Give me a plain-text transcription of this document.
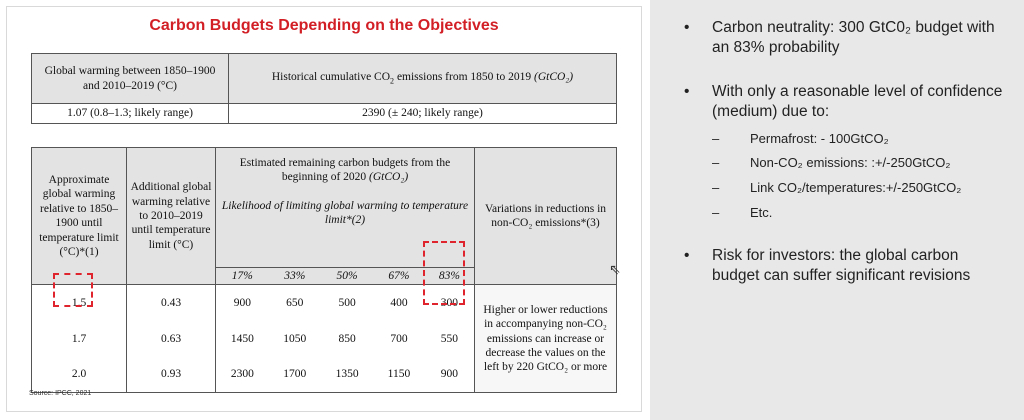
Carbon Budgets Depending on the Objectives
Global warming between 1850–1900 and 2010–2019 (°C)	Historical cumulative $CO_2$ emissions from 1850 to 2019 (GtCO₂)
1.07 (0.8–1.3; likely range)	2390 (± 240; likely range)
Approximate global warming relative to 1850–1900 until temperature limit (°C)*(1)	Additional global warming relative to 2010–2019 until temperature limit (°C)	Estimated remaining carbon budgets from the beginning of 2020 (GtCO₂)
Likelihood of limiting global warming to temperature limit*(2)					Variations in reductions in non-CO₂ emissions*(3)
		17%	33%	50%	67%	83%	
1.5	0.43	900	650	500	400	300	Higher or lower reductions in accompanying non-CO₂ emissions can increase or decrease the values on the left by 220 GtCO₂ or more
1.7	0.63	1450	1050	850	700	550	
2.0	0.93	2300	1700	1350	1150	900	
Source: IPCC, 2021
⇖
• Carbon neutrality: 300 GtC0₂ budget with an 83% probability
• With only a reasonable level of confidence (medium) due to:
– Permafrost: - 100GtCO₂
– Non-CO₂ emissions: :+/-250GtCO₂
– Link CO₂/temperatures:+/-250GtCO₂
– Etc.
• Risk for investors: the global carbon budget can suffer significant revisions
